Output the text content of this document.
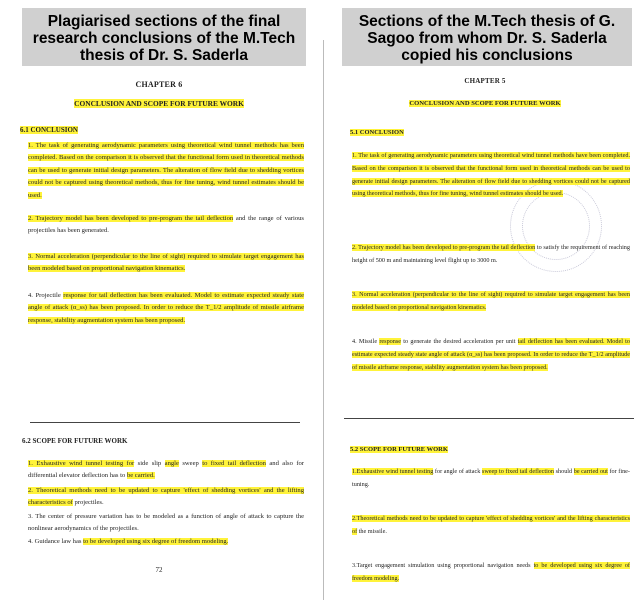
Plagiarised sections of the final research conclusions of the M.Tech thesis of Dr. S. Saderla
CHAPTER 6
CONCLUSION AND SCOPE FOR FUTURE WORK
6.1 CONCLUSION
1. The task of generating aerodynamic parameters using theoretical wind tunnel methods has been completed. Based on the comparison it is observed that the functional form used in theoretical methods can be used to generate initial design parameters. The alteration of flow field due to shedding vortices could not be captured using theoretical methods, thus for fine tuning, wind tunnel estimates should be used.
2. Trajectory model has been developed to pre-program the tail deflection and the range of various projectiles has been generated.
3. Normal acceleration (perpendicular to the line of sight) required to simulate target engagement has been modeled based on proportional navigation kinematics.
4. Projectile response for tail deflection has been evaluated. Model to estimate expected steady state angle of attack (α_ss) has been proposed. In order to reduce the T_1/2 amplitude of missile airframe response, stability augmentation system has been proposed.
6.2 SCOPE FOR FUTURE WORK
1. Exhaustive wind tunnel testing for side slip angle sweep to fixed tail deflection and also for differential elevator deflection has to be carried.
2. Theoretical methods need to be updated to capture 'effect of shedding vortices' and the lifting characteristics of projectiles.
3. The center of pressure variation has to be modeled as a function of angle of attack to capture the nonlinear aerodynamics of the projectiles.
4. Guidance law has to be developed using six degree of freedom modeling.
72
Sections of the M.Tech thesis of G. Sagoo from whom Dr. S. Saderla copied his conclusions
CHAPTER 5
CONCLUSION AND SCOPE FOR FUTURE WORK
5.1 CONCLUSION
1. The task of generating aerodynamic parameters using theoretical wind tunnel methods have been completed. Based on the comparison it is observed that the functional form used in theoretical methods can be used to generate initial design parameters. The alteration of flow field due to shedding vortices could not be captured using theoretical methods, thus for fine tuning, wind tunnel estimates should be used.
2. Trajectory model has been developed to pre-program the tail deflection to satisfy the requirement of reaching height of 500 m and maintaining level flight up to 3000 m.
3. Normal acceleration (perpendicular to the line of sight) required to simulate target engagement has been modeled based on proportional navigation kinematics.
4. Missile response to generate the desired acceleration per unit tail deflection has been evaluated. Model to estimate expected steady state angle of attack (α_ss) has been proposed. In order to reduce the T_1/2 amplitude of missile airframe response, stability augmentation system has been proposed.
5.2 SCOPE FOR FUTURE WORK
1.Exhaustive wind tunnel testing for angle of attack sweep to fixed tail deflection should be carried out for fine-tuning.
2.Theoretical methods need to be updated to capture 'effect of shedding vortices' and the lifting characteristics of the missile.
3.Target engagement simulation using proportional navigation needs to be developed using six degree of freedom modeling.
